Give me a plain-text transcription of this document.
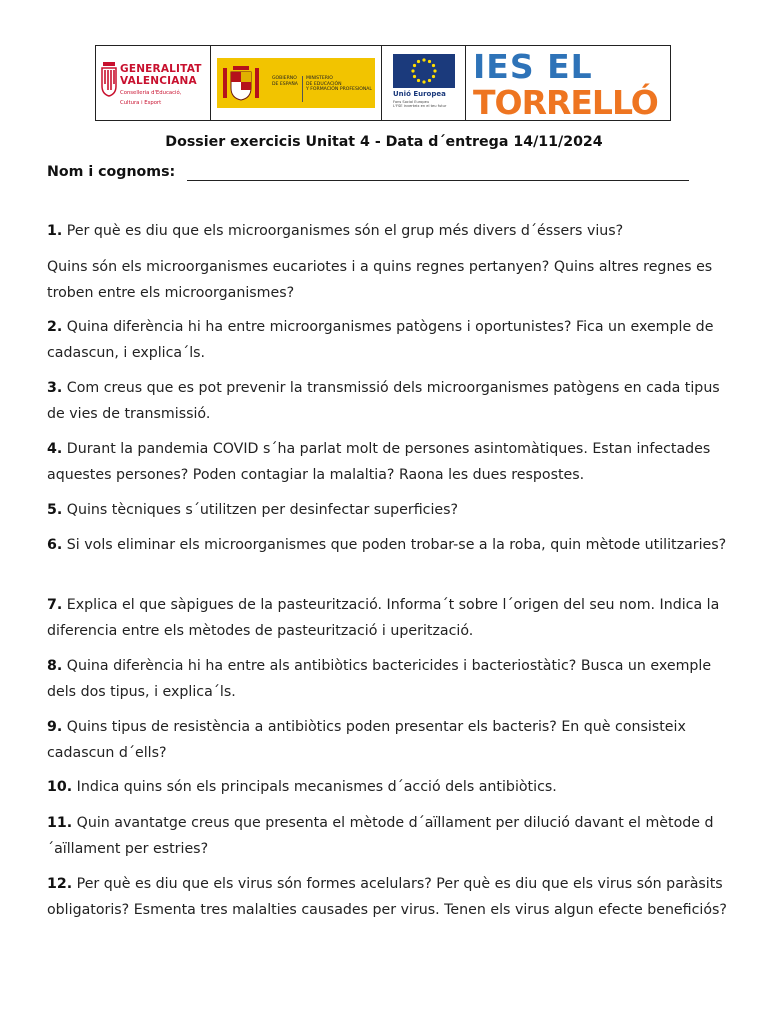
GENERALITAT
VALENCIANA
Conselleria d'Educació,
Cultura i Esport
GOBIERNO
DE ESPAÑA
MINISTERIO
DE EDUCACIÓN
Y FORMACIÓN PROFESIONAL
Unió Europea
Fons Social Europeu
L'FSE inverteix en el teu futur
IES EL
TORRELLÓ
Dossier exercicis Unitat 4 - Data d´entrega 14/11/2024
Nom i cognoms:

1. Per què es diu que els microorganismes són el grup més divers d´éssers vius?

Quins són els microorganismes eucariotes i a quins regnes pertanyen? Quins altres regnes es troben entre els microorganismes?

2. Quina diferència hi ha entre microorganismes patògens i oportunistes? Fica un exemple de cadascun, i explica´ls.

3. Com creus que es pot prevenir la transmissió dels microorganismes patògens en cada tipus de vies de transmissió.

4. Durant la pandemia COVID s´ha parlat molt de persones asintomàtiques. Estan infectades aquestes persones? Poden contagiar la malaltia? Raona les dues respostes.

5. Quins tècniques s´utilitzen per desinfectar superficies?

6. Si vols eliminar els microorganismes que poden trobar-se a la roba, quin mètode utilitzaries?

7. Explica el que sàpigues de la pasteurització. Informa´t sobre l´origen del seu nom. Indica la diferencia entre els mètodes de pasteurització i uperització.

8. Quina diferència hi ha entre als antibiòtics bactericides i bacteriostàtic? Busca un exemple dels dos tipus, i explica´ls.

9. Quins tipus de resistència a antibiòtics poden presentar els bacteris? En què consisteix cadascun d´ells?

10. Indica quins són els principals mecanismes d´acció dels antibiòtics.

11. Quin avantatge creus que presenta el mètode d´aïllament per dilució davant el mètode d´aïllament per estries?

12. Per què es diu que els virus són formes acelulars? Per què es diu que els virus són paràsits obligatoris? Esmenta tres malalties causades per virus. Tenen els virus algun efecte beneficiós?
